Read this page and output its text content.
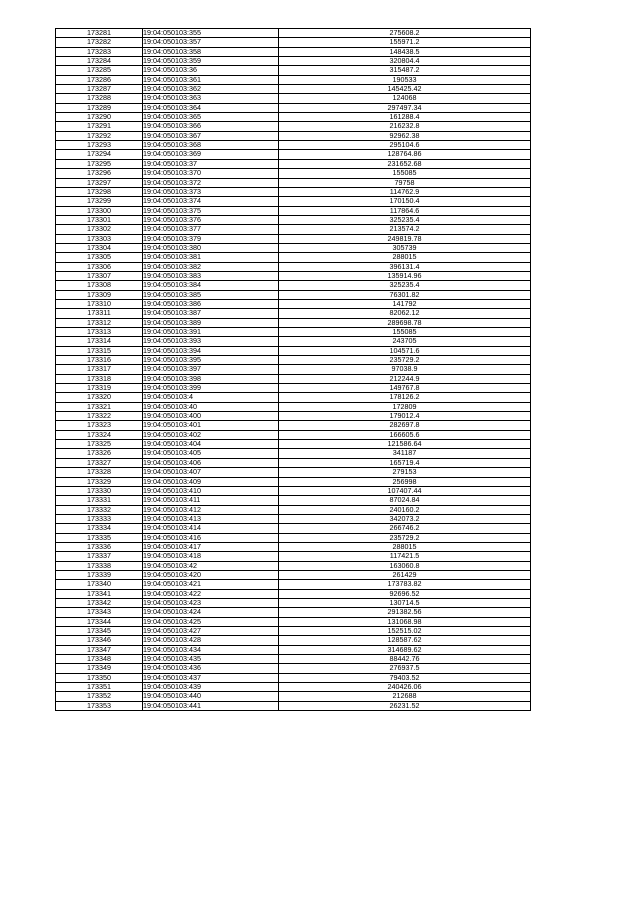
173281	19:04:050103:355	275608.2
173282	19:04:050103:357	155971.2
173283	19:04:050103:358	148438.5
173284	19:04:050103:359	320804.4
173285	19:04:050103:36	315487.2
173286	19:04:050103:361	190533
173287	19:04:050103:362	145425.42
173288	19:04:050103:363	124068
173289	19:04:050103:364	297497.34
173290	19:04:050103:365	161288.4
173291	19:04:050103:366	216232.8
173292	19:04:050103:367	92962.38
173293	19:04:050103:368	295104.6
173294	19:04:050103:369	128764.86
173295	19:04:050103:37	231652.68
173296	19:04:050103:370	155085
173297	19:04:050103:372	79758
173298	19:04:050103:373	114762.9
173299	19:04:050103:374	170150.4
173300	19:04:050103:375	117864.6
173301	19:04:050103:376	325235.4
173302	19:04:050103:377	213574.2
173303	19:04:050103:379	249819.78
173304	19:04:050103:380	305739
173305	19:04:050103:381	288015
173306	19:04:050103:382	396131.4
173307	19:04:050103:383	135914.96
173308	19:04:050103:384	325235.4
173309	19:04:050103:385	76301.82
173310	19:04:050103:386	141792
173311	19:04:050103:387	82062.12
173312	19:04:050103:389	289698.78
173313	19:04:050103:391	155085
173314	19:04:050103:393	243705
173315	19:04:050103:394	104571.6
173316	19:04:050103:395	235729.2
173317	19:04:050103:397	97038.9
173318	19:04:050103:398	212244.9
173319	19:04:050103:399	149767.8
173320	19:04:050103:4	178126.2
173321	19:04:050103:40	172809
173322	19:04:050103:400	179012.4
173323	19:04:050103:401	282697.8
173324	19:04:050103:402	166605.6
173325	19:04:050103:404	121586.64
173326	19:04:050103:405	341187
173327	19:04:050103:406	165719.4
173328	19:04:050103:407	279153
173329	19:04:050103:409	256998
173330	19:04:050103:410	107407.44
173331	19:04:050103:411	87024.84
173332	19:04:050103:412	240160.2
173333	19:04:050103:413	342073.2
173334	19:04:050103:414	266746.2
173335	19:04:050103:416	235729.2
173336	19:04:050103:417	288015
173337	19:04:050103:418	117421.5
173338	19:04:050103:42	163060.8
173339	19:04:050103:420	261429
173340	19:04:050103:421	173783.82
173341	19:04:050103:422	92696.52
173342	19:04:050103:423	130714.5
173343	19:04:050103:424	291382.56
173344	19:04:050103:425	131068.98
173345	19:04:050103:427	152515.02
173346	19:04:050103:428	128587.62
173347	19:04:050103:434	314689.62
173348	19:04:050103:435	88442.76
173349	19:04:050103:436	276937.5
173350	19:04:050103:437	79403.52
173351	19:04:050103:439	240426.06
173352	19:04:050103:440	212688
173353	19:04:050103:441	26231.52
